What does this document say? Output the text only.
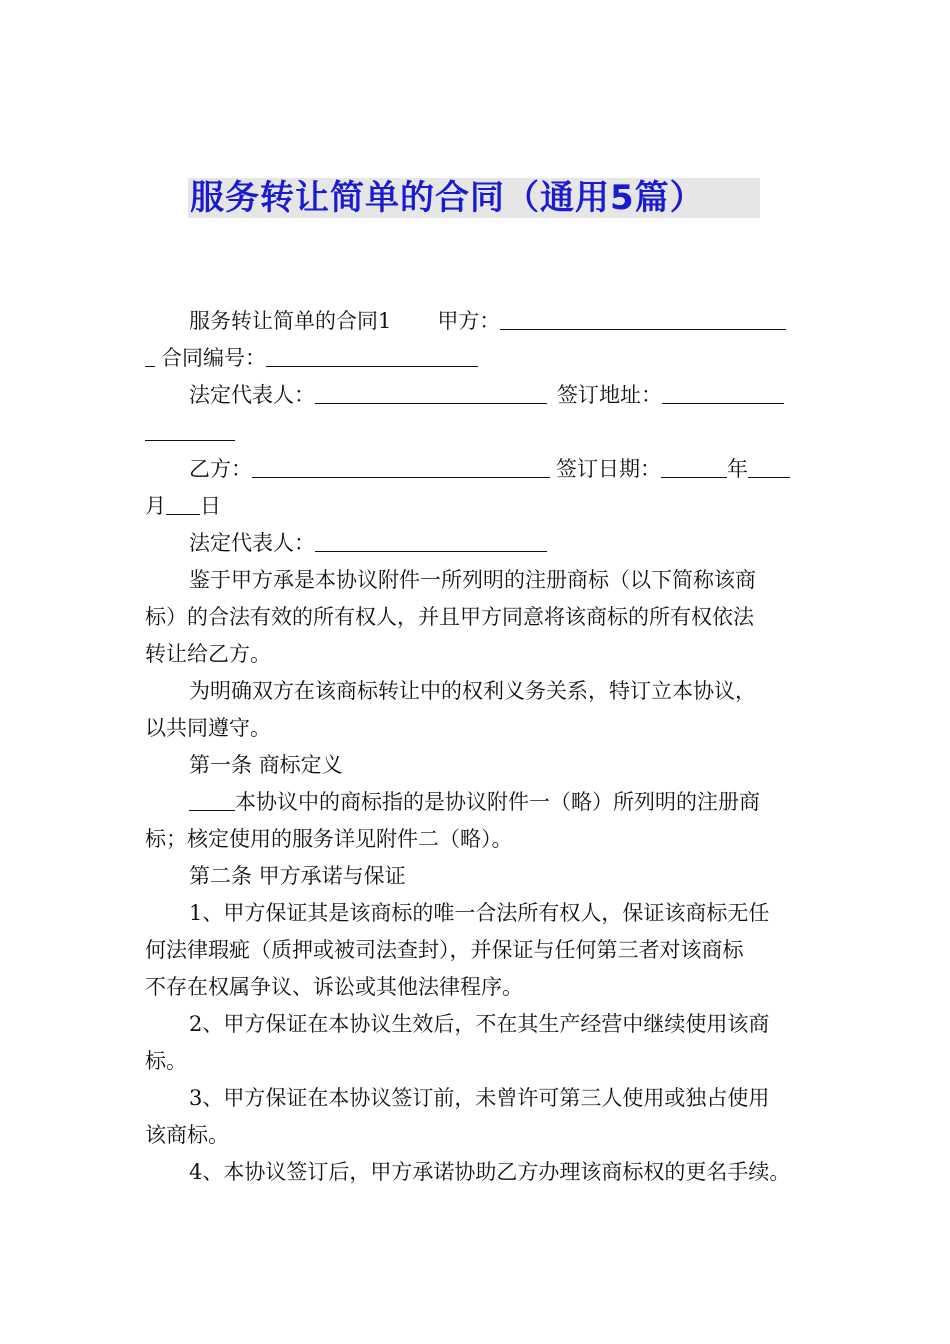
服务转让简单的合同（通用5篇）
服务转让简单的合同1 甲方：
合同编号：
法定代表人：	签订地址：
乙方：	签订日期：	年
月 日
法定代表人：
鉴于甲方承是本协议附件一所列明的注册商标（以下简称该商
标）的合法有效的所有权人，并且甲方同意将该商标的所有权依法
转让给乙方。
为明确双方在该商标转让中的权利义务关系，特订立本协议，
以共同遵守。
第一条 商标定义
本协议中的商标指的是协议附件一（略）所列明的注册商
标；核定使用的服务详见附件二（略）。
第二条 甲方承诺与保证
1、甲方保证其是该商标的唯一合法所有权人，保证该商标无任
何法律瑕疵（质押或被司法查封），并保证与任何第三者对该商标
不存在权属争议、诉讼或其他法律程序。
2、甲方保证在本协议生效后，不在其生产经营中继续使用该商
标。
3、甲方保证在本协议签订前，未曾许可第三人使用或独占使用
该商标。
4、本协议签订后，甲方承诺协助乙方办理该商标权的更名手续。
